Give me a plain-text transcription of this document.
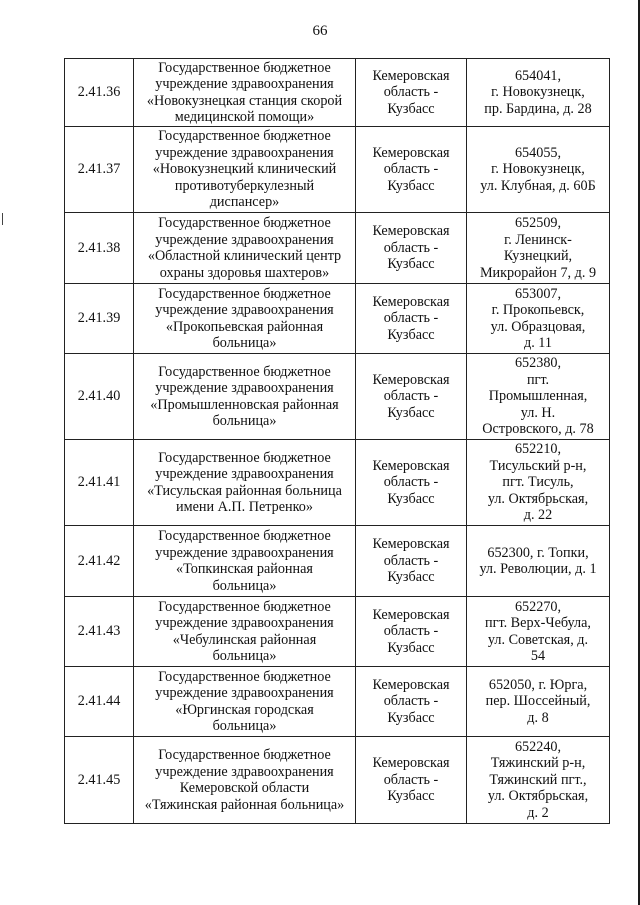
66
2.41.36	Государственное бюджетное
учреждение здравоохранения
«Новокузнецкая станция скорой
медицинской помощи»	Кемеровская
область -
Кузбасс	654041,
г. Новокузнецк,
пр. Бардина, д. 28

2.41.37	Государственное бюджетное
учреждение здравоохранения
«Новокузнецкий клинический
противотуберкулезный
диспансер»	Кемеровская
область -
Кузбасс	654055,
г. Новокузнецк,
ул. Клубная, д. 60Б

2.41.38	Государственное бюджетное
учреждение здравоохранения
«Областной клинический центр
охраны здоровья шахтеров»	Кемеровская
область -
Кузбасс	652509,
г. Ленинск-
Кузнецкий,
Микрорайон 7, д. 9

2.41.39	Государственное бюджетное
учреждение здравоохранения
«Прокопьевская районная
больница»	Кемеровская
область -
Кузбасс	653007,
г. Прокопьевск,
ул. Образцовая,
д. 11

2.41.40	Государственное бюджетное
учреждение здравоохранения
«Промышленновская районная
больница»	Кемеровская
область -
Кузбасс	652380,
пгт.
Промышленная,
ул. Н.
Островского, д. 78

2.41.41	Государственное бюджетное
учреждение здравоохранения
«Тисульская районная больница
имени А.П. Петренко»	Кемеровская
область -
Кузбасс	652210,
Тисульский р-н,
пгт. Тисуль,
ул. Октябрьская,
д. 22

2.41.42	Государственное бюджетное
учреждение здравоохранения
«Топкинская районная
больница»	Кемеровская
область -
Кузбасс	652300, г. Топки,
ул. Революции, д. 1

2.41.43	Государственное бюджетное
учреждение здравоохранения
«Чебулинская районная
больница»	Кемеровская
область -
Кузбасс	652270,
пгт. Верх-Чебула,
ул. Советская, д.
54

2.41.44	Государственное бюджетное
учреждение здравоохранения
«Юргинская городская
больница»	Кемеровская
область -
Кузбасс	652050, г. Юрга,
пер. Шоссейный,
д. 8

2.41.45	Государственное бюджетное
учреждение здравоохранения
Кемеровской области
«Тяжинская районная больница»	Кемеровская
область -
Кузбасс	652240,
Тяжинский р-н,
Тяжинский пгт.,
ул. Октябрьская,
д. 2
